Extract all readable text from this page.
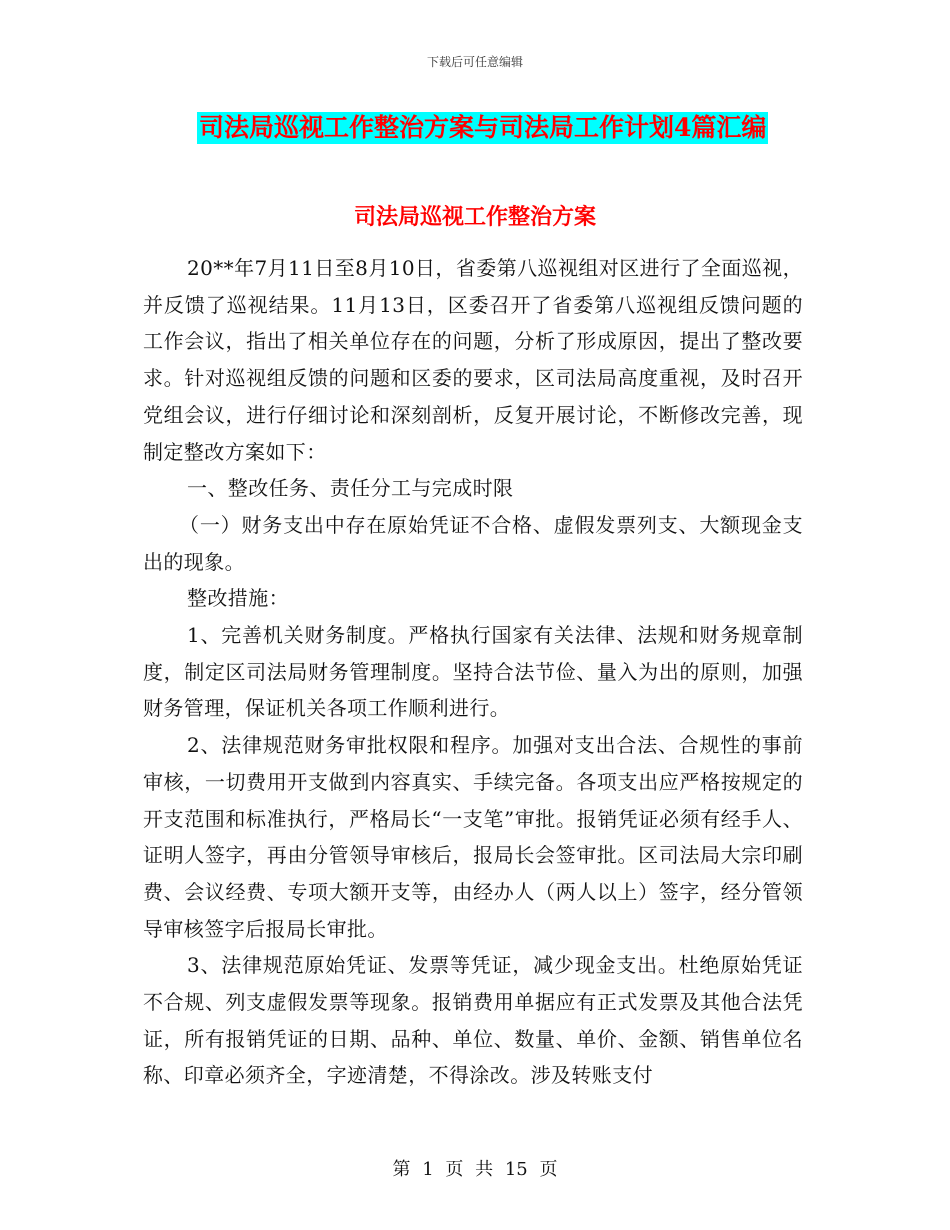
下载后可任意编辑
司法局巡视工作整治方案与司法局工作计划4篇汇编
司法局巡视工作整治方案

20**年7月11日至8月10日，省委第八巡视组对区进行了全面巡视，并反馈了巡视结果。11月13日，区委召开了省委第八巡视组反馈问题的工作会议，指出了相关单位存在的问题，分析了形成原因，提出了整改要求。针对巡视组反馈的问题和区委的要求，区司法局高度重视，及时召开党组会议，进行仔细讨论和深刻剖析，反复开展讨论，不断修改完善，现制定整改方案如下：

一、整改任务、责任分工与完成时限

（一）财务支出中存在原始凭证不合格、虚假发票列支、大额现金支出的现象。

整改措施：

1、完善机关财务制度。严格执行国家有关法律、法规和财务规章制度，制定区司法局财务管理制度。坚持合法节俭、量入为出的原则，加强财务管理，保证机关各项工作顺利进行。

2、法律规范财务审批权限和程序。加强对支出合法、合规性的事前审核，一切费用开支做到内容真实、手续完备。各项支出应严格按规定的开支范围和标准执行，严格局长“一支笔”审批。报销凭证必须有经手人、证明人签字，再由分管领导审核后，报局长会签审批。区司法局大宗印刷费、会议经费、专项大额开支等，由经办人（两人以上）签字，经分管领导审核签字后报局长审批。

3、法律规范原始凭证、发票等凭证，减少现金支出。杜绝原始凭证不合规、列支虚假发票等现象。报销费用单据应有正式发票及其他合法凭证，所有报销凭证的日期、品种、单位、数量、单价、金额、销售单位名称、印章必须齐全，字迹清楚，不得涂改。涉及转账支付

第 1 页 共 15 页
